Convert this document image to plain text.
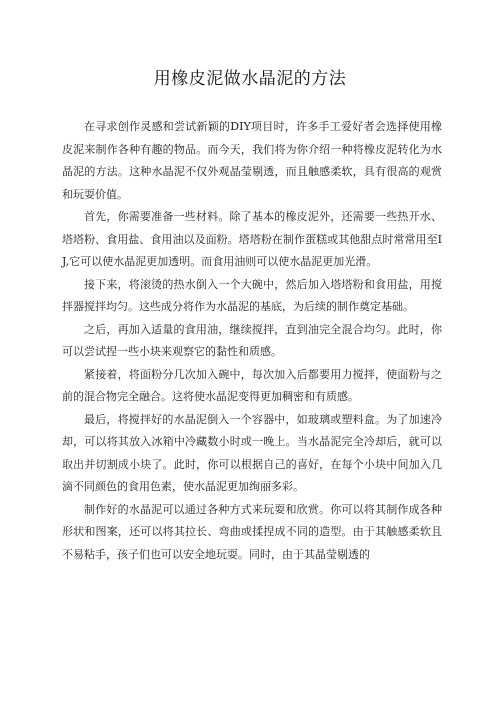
用橡皮泥做水晶泥的方法

在寻求创作灵感和尝试新颖的DIY项目时，许多手工爱好者会选择使用橡皮泥来制作各种有趣的物品。而今天，我们将为你介绍一种将橡皮泥转化为水晶泥的方法。这种水晶泥不仅外观晶莹剔透，而且触感柔软，具有很高的观赏和玩耍价值。

首先，你需要准备一些材料。除了基本的橡皮泥外，还需要一些热开水、塔塔粉、食用盐、食用油以及面粉。塔塔粉在制作蛋糕或其他甜点时常常用至IJ,它可以使水晶泥更加透明。而食用油则可以使水晶泥更加光滑。

接下来，将滚烫的热水倒入一个大碗中，然后加入塔塔粉和食用盐，用搅拌器搅拌均匀。这些成分将作为水晶泥的基底，为后续的制作奠定基础。

之后，再加入适量的食用油，继续搅拌，直到油完全混合均匀。此时，你可以尝试捏一些小块来观察它的黏性和质感。

紧接着，将面粉分几次加入碗中，每次加入后都要用力搅拌，使面粉与之前的混合物完全融合。这将使水晶泥变得更加稠密和有质感。

最后，将搅拌好的水晶泥倒入一个容器中，如玻璃或塑料盒。为了加速冷却，可以将其放入冰箱中冷藏数小时或一晚上。当水晶泥完全冷却后，就可以取出并切割成小块了。此时，你可以根据自己的喜好，在每个小块中间加入几滴不同颜色的食用色素，使水晶泥更加绚丽多彩。

制作好的水晶泥可以通过各种方式来玩耍和欣赏。你可以将其制作成各种形状和图案，还可以将其拉长、弯曲或揉捏成不同的造型。由于其触感柔软且不易粘手，孩子们也可以安全地玩耍。同时，由于其晶莹剔透的
